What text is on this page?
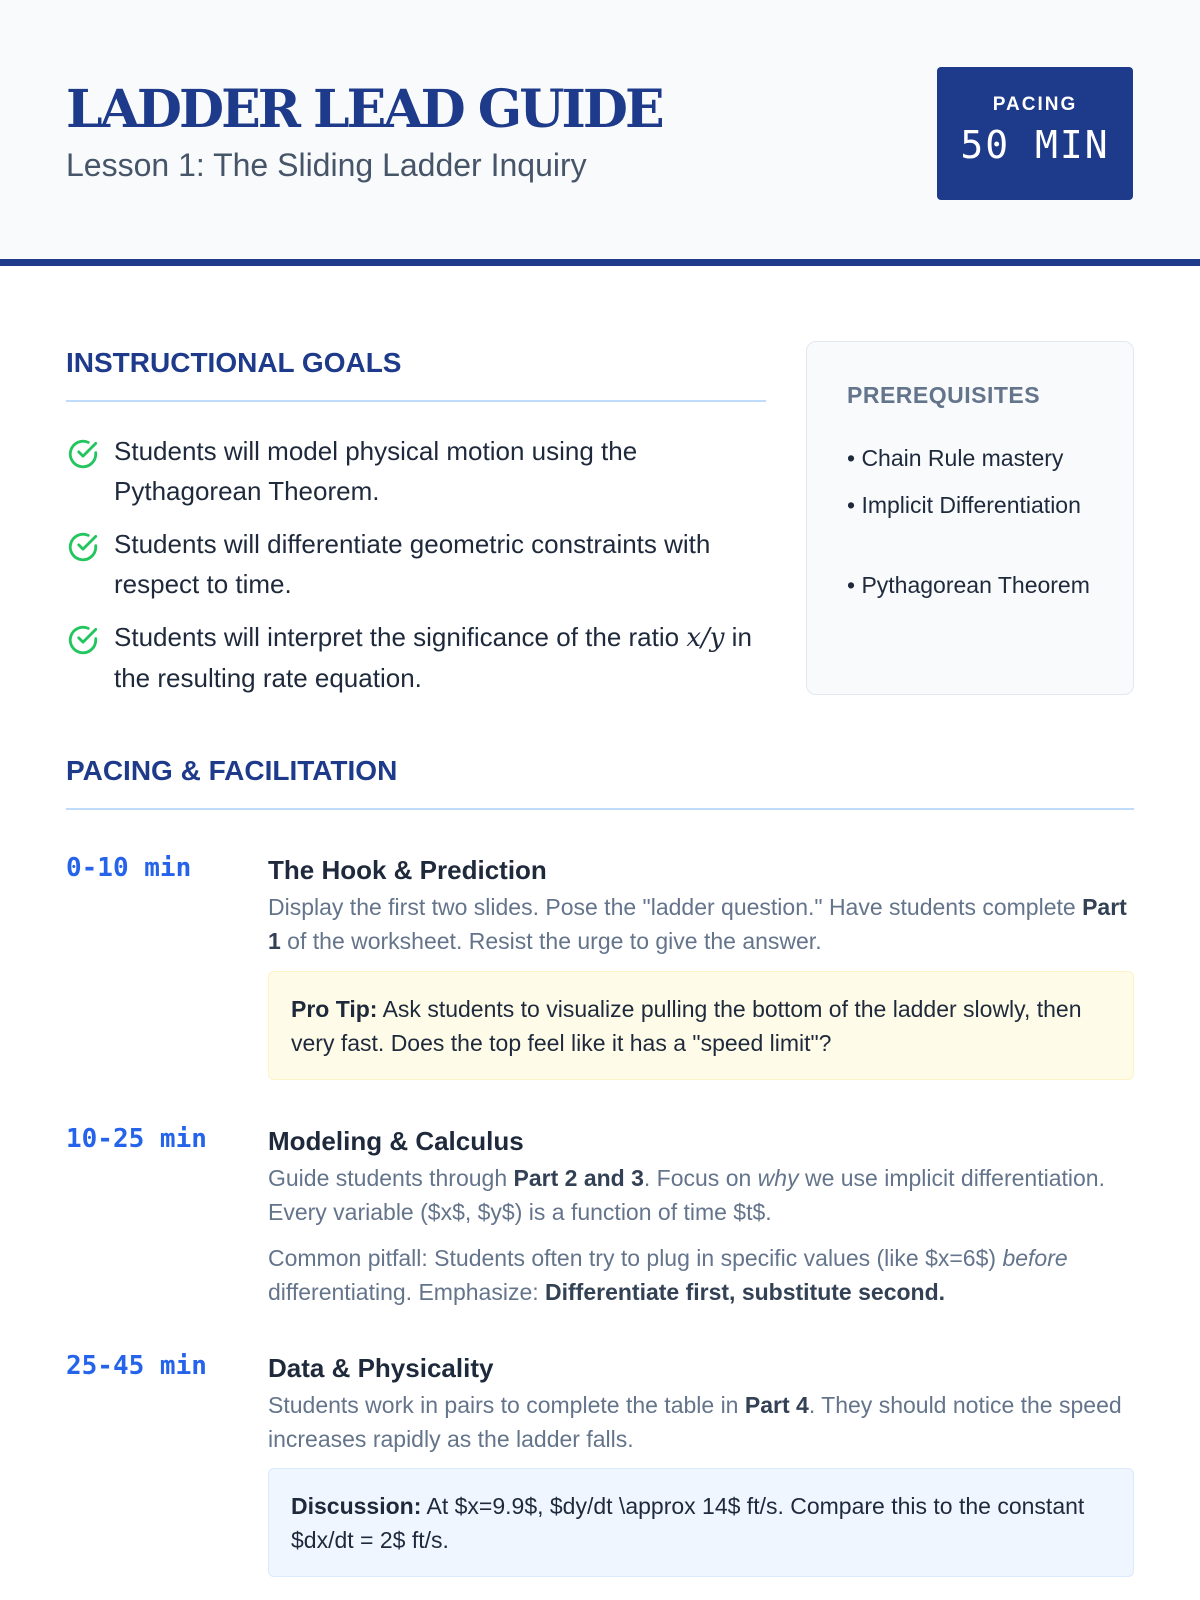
LADDER LEAD GUIDE
Lesson 1: The Sliding Ladder Inquiry
PACING
50 MIN
INSTRUCTIONAL GOALS
Students will model physical motion using the Pythagorean Theorem.
Students will differentiate geometric constraints with respect to time.
Students will interpret the significance of the ratio x/y in the resulting rate equation.
PREREQUISITES
• Chain Rule mastery
• Implicit Differentiation
• Pythagorean Theorem
PACING & FACILITATION
0-10 min	The Hook & Prediction
Display the first two slides. Pose the "ladder question." Have students complete Part 1 of the worksheet. Resist the urge to give the answer.
Pro Tip: Ask students to visualize pulling the bottom of the ladder slowly, then very fast. Does the top feel like it has a "speed limit"?
10-25 min Modeling & Calculus
Guide students through Part 2 and 3. Focus on why we use implicit differentiation. Every variable ($x$, $y$) is a function of time $t$.
Common pitfall: Students often try to plug in specific values (like $x=6$) before differentiating. Emphasize: Differentiate first, substitute second.
25-45 min Data & Physicality
Students work in pairs to complete the table in Part 4. They should notice the speed increases rapidly as the ladder falls.
Discussion: At $x=9.9$, $dy/dt \approx 14$ ft/s. Compare this to the constant $dx/dt = 2$ ft/s.
